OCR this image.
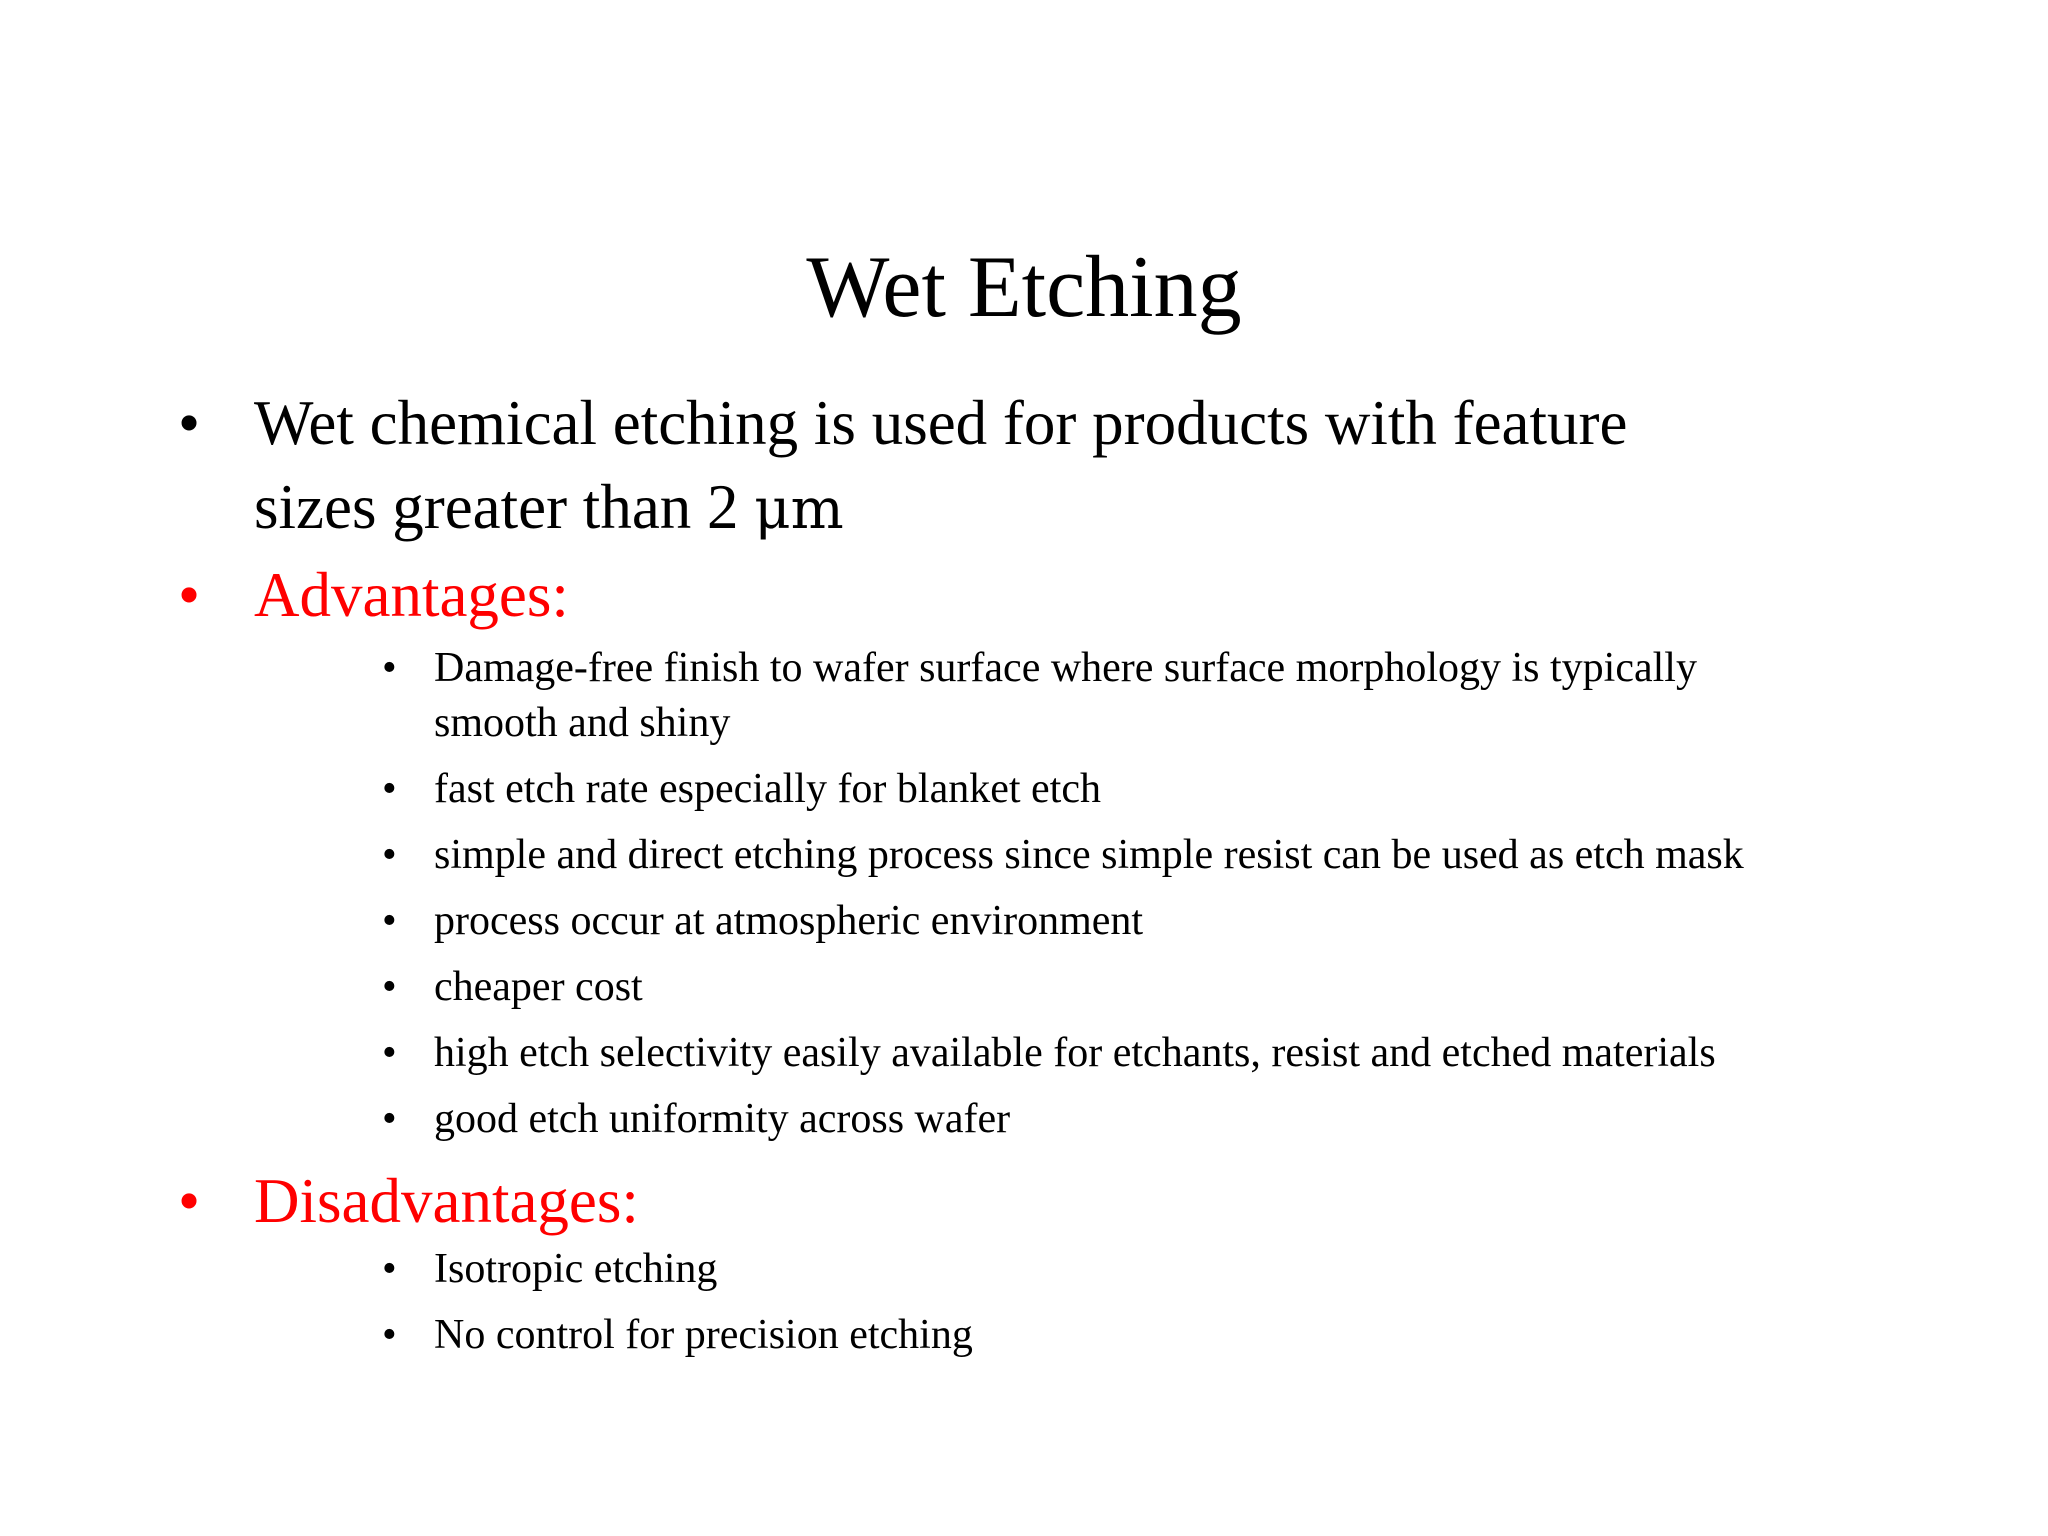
Wet Etching
• Wet chemical etching is used for products with feature
sizes greater than 2 μm
• Advantages:
• Damage-free finish to wafer surface where surface morphology is typically
smooth and shiny
• fast etch rate especially for blanket etch
• simple and direct etching process since simple resist can be used as etch mask
• process occur at atmospheric environment
• cheaper cost
• high etch selectivity easily available for etchants, resist and etched materials
• good etch uniformity across wafer
• Disadvantages:
• Isotropic etching
• No control for precision etching
